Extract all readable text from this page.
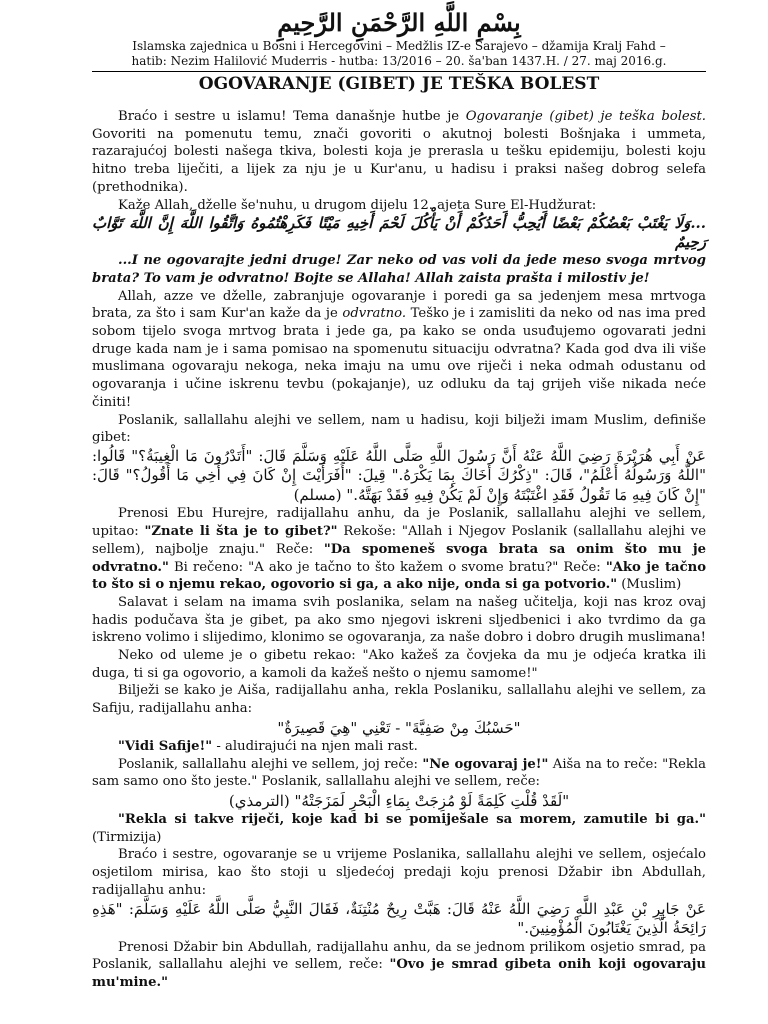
بِسْمِ اللَّهِ الرَّحْمَنِ الرَّحِيمِ
Islamska zajednica u Bosni i Hercegovini – Medžlis IZ-e Sarajevo – džamija Kralj Fahd –
hatib: Nezim Halilović Muderris - hutba: 13/2016 – 20. ša'ban 1437.H. / 27. maj 2016.g.
OGOVARANJE (GIBET) JE TEŠKA BOLEST

Braćo i sestre u islamu! Tema današnje hutbe je Ogovaranje (gibet) je teška bolest. Govoriti na pomenutu temu, znači govoriti o akutnoj bolesti Bošnjaka i ummeta, razarajućoj bolesti našega tkiva, bolesti koja je prerasla u tešku epidemiju, bolesti koju hitno treba liječiti, a lijek za nju je u Kur'anu, u hadisu i praksi našeg dobrog selefa (prethodnika).

Kaže Allah, dželle še'nuhu, u drugom dijelu 12. ajeta Sure El-Hudžurat:

...وَلَا يَغْتَبْ بَعْضُكُمْ بَعْضًا أَيُحِبُّ أَحَدُكُمْ أَنْ يَأْكُلَ لَحْمَ أَخِيهِ مَيْتًا فَكَرِهْتُمُوهُ وَاتَّقُوا اللَّهَ إِنَّ اللَّهَ تَوَّابٌ رَحِيمٌ

...I ne ogovarajte jedni druge! Zar neko od vas voli da jede meso svoga mrtvog brata? To vam je odvratno! Bojte se Allaha! Allah zaista prašta i milostiv je!

Allah, azze ve dželle, zabranjuje ogovaranje i poredi ga sa jedenjem mesa mrtvoga brata, za što i sam Kur'an kaže da je odvratno. Teško je i zamisliti da neko od nas ima pred sobom tijelo svoga mrtvog brata i jede ga, pa kako se onda usuđujemo ogovarati jedni druge kada nam je i sama pomisao na spomenutu situaciju odvratna? Kada god dva ili više muslimana ogovaraju nekoga, neka imaju na umu ove riječi i neka odmah odustanu od ogovaranja i učine iskrenu tevbu (pokajanje), uz odluku da taj grijeh više nikada neće činiti!

Poslanik, sallallahu alejhi ve sellem, nam u hadisu, koji bilježi imam Muslim, definiše gibet:

عَنْ أَبِي هُرَيْرَةَ رَضِيَ اللَّهُ عَنْهُ أَنَّ رَسُولَ اللَّهِ صَلَّى اللَّهُ عَلَيْهِ وَسَلَّمَ قَالَ: "أَتَدْرُونَ مَا الْغِيبَةُ؟" قَالُوا: "اللَّهُ وَرَسُولُهُ أَعْلَمُ"، قَالَ: "ذِكْرُكَ أَخَاكَ بِمَا يَكْرَهُ." قِيلَ: "أَفَرَأَيْتَ إِنْ كَانَ فِي أَخِي مَا أَقُولُ؟" قَالَ: "إِنْ كَانَ فِيهِ مَا تَقُولُ فَقَدِ اغْتَبْتَهُ وَإِنْ لَمْ يَكُنْ فِيهِ فَقَدْ بَهَتَّهُ." (مسلم)

Prenosi Ebu Hurejre, radijallahu anhu, da je Poslanik, sallallahu alejhi ve sellem, upitao: "Znate li šta je to gibet?" Rekoše: "Allah i Njegov Poslanik (sallallahu alejhi ve sellem), najbolje znaju." Reče: "Da spomeneš svoga brata sa onim što mu je odvratno." Bi rečeno: "A ako je tačno to što kažem o svome bratu?" Reče: "Ako je tačno to što si o njemu rekao, ogovorio si ga, a ako nije, onda si ga potvorio." (Muslim)

Salavat i selam na imama svih poslanika, selam na našeg učitelja, koji nas kroz ovaj hadis podučava šta je gibet, pa ako smo njegovi iskreni sljedbenici i ako tvrdimo da ga iskreno volimo i slijedimo, klonimo se ogovaranja, za naše dobro i dobro drugih muslimana!

Neko od uleme je o gibetu rekao: "Ako kažeš za čovjeka da mu je odjeća kratka ili duga, ti si ga ogovorio, a kamoli da kažeš nešto o njemu samome!"

Bilježi se kako je Aiša, radijallahu anha, rekla Poslaniku, sallallahu alejhi ve sellem, za Safiju, radijallahu anha:

"حَسْبُكَ مِنْ صَفِيَّةَ" - تَعْنِي "هِيَ قَصِيرَةٌ"

"Vidi Safije!" - aludirajući na njen mali rast.

Poslanik, sallallahu alejhi ve sellem, joj reče: "Ne ogovaraj je!" Aiša na to reče: "Rekla sam samo ono što jeste." Poslanik, sallallahu alejhi ve sellem, reče:

"لَقَدْ قُلْتِ كَلِمَةً لَوْ مُزِجَتْ بِمَاءِ الْبَحْرِ لَمَزَجَتْهُ" (الترمذي)

"Rekla si takve riječi, koje kad bi se pomiješale sa morem, zamutile bi ga." (Tirmizija)

Braćo i sestre, ogovaranje se u vrijeme Poslanika, sallallahu alejhi ve sellem, osjećalo osjetilom mirisa, kao što stoji u sljedećoj predaji koju prenosi Džabir ibn Abdullah, radijallahu anhu:

عَنْ جَابِرِ بْنِ عَبْدِ اللَّهِ رَضِيَ اللَّهُ عَنْهُ قَالَ: هَبَّتْ رِيحٌ مُنْتِنَةٌ، فَقَالَ النَّبِيُّ صَلَّى اللَّهُ عَلَيْهِ وَسَلَّمَ: "هَذِهِ رَائِحَةُ الَّذِينَ يَغْتَابُونَ الْمُؤْمِنِينَ."

Prenosi Džabir bin Abdullah, radijallahu anhu, da se jednom prilikom osjetio smrad, pa Poslanik, sallallahu alejhi ve sellem, reče: "Ovo je smrad gibeta onih koji ogovaraju mu'mine."
